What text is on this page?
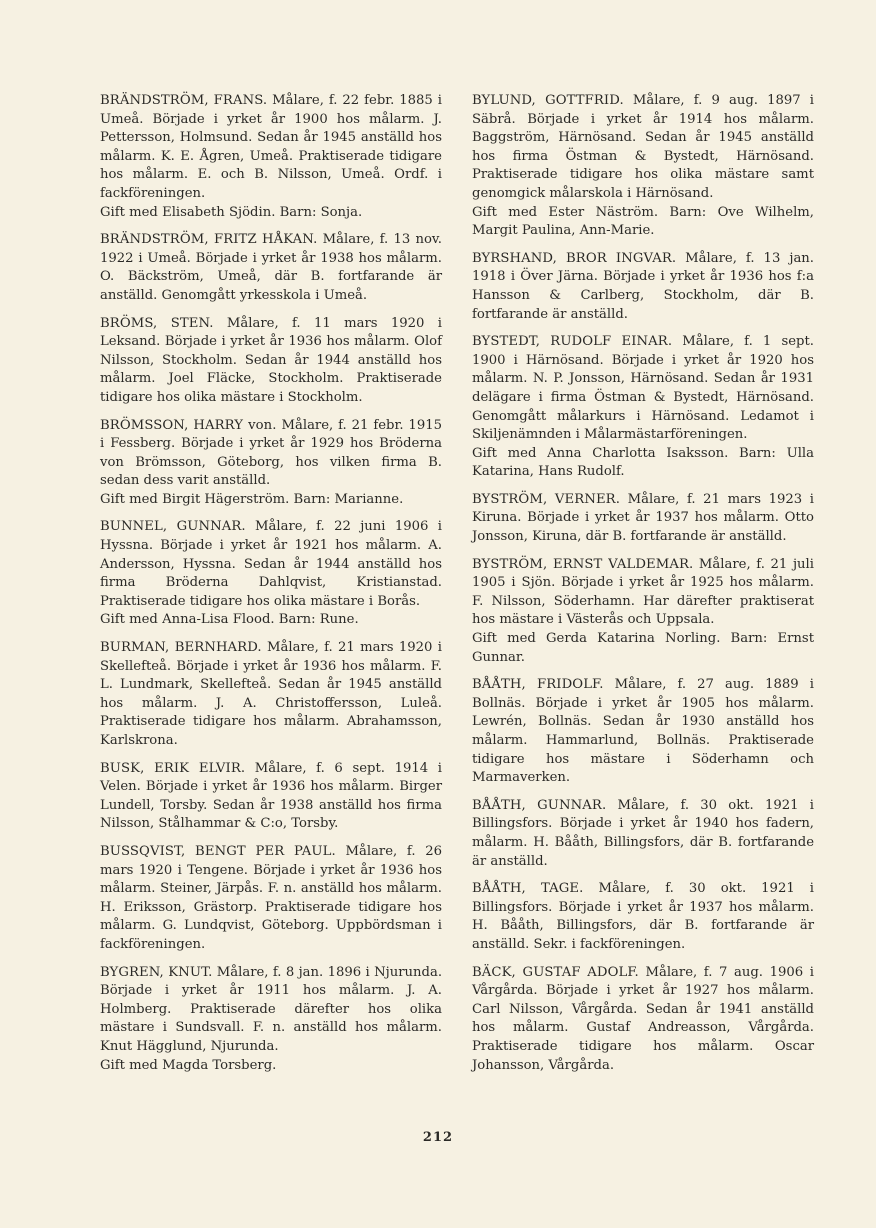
BRÄNDSTRÖM, FRANS. Målare, f. 22 febr. 1885 i Umeå. Började i yrket år 1900 hos målarm. J. Pettersson, Holmsund. Sedan år 1945 anställd hos målarm. K. E. Ågren, Umeå. Praktiserade tidigare hos målarm. E. och B. Nilsson, Umeå. Ordf. i fackföreningen.

Gift med Elisabeth Sjödin. Barn: Sonja.

BRÄNDSTRÖM, FRITZ HÅKAN. Målare, f. 13 nov. 1922 i Umeå. Började i yrket år 1938 hos målarm. O. Bäckström, Umeå, där B. fortfarande är anställd. Genomgått yrkesskola i Umeå.

BRÖMS, STEN. Målare, f. 11 mars 1920 i Leksand. Började i yrket år 1936 hos målarm. Olof Nilsson, Stockholm. Sedan år 1944 anställd hos målarm. Joel Fläcke, Stockholm. Praktiserade tidigare hos olika mästare i Stockholm.

BRÖMSSON, HARRY von. Målare, f. 21 febr. 1915 i Fessberg. Började i yrket år 1929 hos Bröderna von Brömsson, Göteborg, hos vilken firma B. sedan dess varit anställd.

Gift med Birgit Hägerström. Barn: Marianne.

BUNNEL, GUNNAR. Målare, f. 22 juni 1906 i Hyssna. Började i yrket år 1921 hos målarm. A. Andersson, Hyssna. Sedan år 1944 anställd hos firma Bröderna Dahlqvist, Kristianstad. Praktiserade tidigare hos olika mästare i Borås.

Gift med Anna-Lisa Flood. Barn: Rune.

BURMAN, BERNHARD. Målare, f. 21 mars 1920 i Skellefteå. Började i yrket år 1936 hos målarm. F. L. Lundmark, Skellefteå. Sedan år 1945 anställd hos målarm. J. A. Christoffersson, Luleå. Praktiserade tidigare hos målarm. Abrahamsson, Karlskrona.

BUSK, ERIK ELVIR. Målare, f. 6 sept. 1914 i Velen. Började i yrket år 1936 hos målarm. Birger Lundell, Torsby. Sedan år 1938 anställd hos firma Nilsson, Stålhammar & C:o, Torsby.

BUSSQVIST, BENGT PER PAUL. Målare, f. 26 mars 1920 i Tengene. Började i yrket år 1936 hos målarm. Steiner, Järpås. F. n. anställd hos målarm. H. Eriksson, Grästorp. Praktiserade tidigare hos målarm. G. Lundqvist, Göteborg. Uppbördsman i fackföreningen.

BYGREN, KNUT. Målare, f. 8 jan. 1896 i Njurunda. Började i yrket år 1911 hos målarm. J. A. Holmberg. Praktiserade därefter hos olika mästare i Sundsvall. F. n. anställd hos målarm. Knut Hägglund, Njurunda.

Gift med Magda Torsberg.

BYLUND, GOTTFRID. Målare, f. 9 aug. 1897 i Säbrå. Började i yrket år 1914 hos målarm. Baggström, Härnösand. Sedan år 1945 anställd hos firma Östman & Bystedt, Härnösand. Praktiserade tidigare hos olika mästare samt genomgick målarskola i Härnösand.

Gift med Ester Näström. Barn: Ove Wilhelm, Margit Paulina, Ann-Marie.

BYRSHAND, BROR INGVAR. Målare, f. 13 jan. 1918 i Över Järna. Började i yrket år 1936 hos f:a Hansson & Carlberg, Stockholm, där B. fortfarande är anställd.

BYSTEDT, RUDOLF EINAR. Målare, f. 1 sept. 1900 i Härnösand. Började i yrket år 1920 hos målarm. N. P. Jonsson, Härnösand. Sedan år 1931 delägare i firma Östman & Bystedt, Härnösand. Genomgått målarkurs i Härnösand. Ledamot i Skiljenämnden i Målarmästarföreningen.

Gift med Anna Charlotta Isaksson. Barn: Ulla Katarina, Hans Rudolf.

BYSTRÖM, VERNER. Målare, f. 21 mars 1923 i Kiruna. Började i yrket år 1937 hos målarm. Otto Jonsson, Kiruna, där B. fortfarande är anställd.

BYSTRÖM, ERNST VALDEMAR. Målare, f. 21 juli 1905 i Sjön. Började i yrket år 1925 hos målarm. F. Nilsson, Söderhamn. Har därefter praktiserat hos mästare i Västerås och Uppsala.

Gift med Gerda Katarina Norling. Barn: Ernst Gunnar.

BÅÅTH, FRIDOLF. Målare, f. 27 aug. 1889 i Bollnäs. Började i yrket år 1905 hos målarm. Lewrén, Bollnäs. Sedan år 1930 anställd hos målarm. Hammarlund, Bollnäs. Praktiserade tidigare hos mästare i Söderhamn och Marmaverken.

BÅÅTH, GUNNAR. Målare, f. 30 okt. 1921 i Billingsfors. Började i yrket år 1940 hos fadern, målarm. H. Bååth, Billingsfors, där B. fortfarande är anställd.

BÅÅTH, TAGE. Målare, f. 30 okt. 1921 i Billingsfors. Började i yrket år 1937 hos målarm. H. Bååth, Billingsfors, där B. fortfarande är anställd. Sekr. i fackföreningen.

BÄCK, GUSTAF ADOLF. Målare, f. 7 aug. 1906 i Vårgårda. Började i yrket år 1927 hos målarm. Carl Nilsson, Vårgårda. Sedan år 1941 anställd hos målarm. Gustaf Andreasson, Vårgårda. Praktiserade tidigare hos målarm. Oscar Johansson, Vårgårda.

212
